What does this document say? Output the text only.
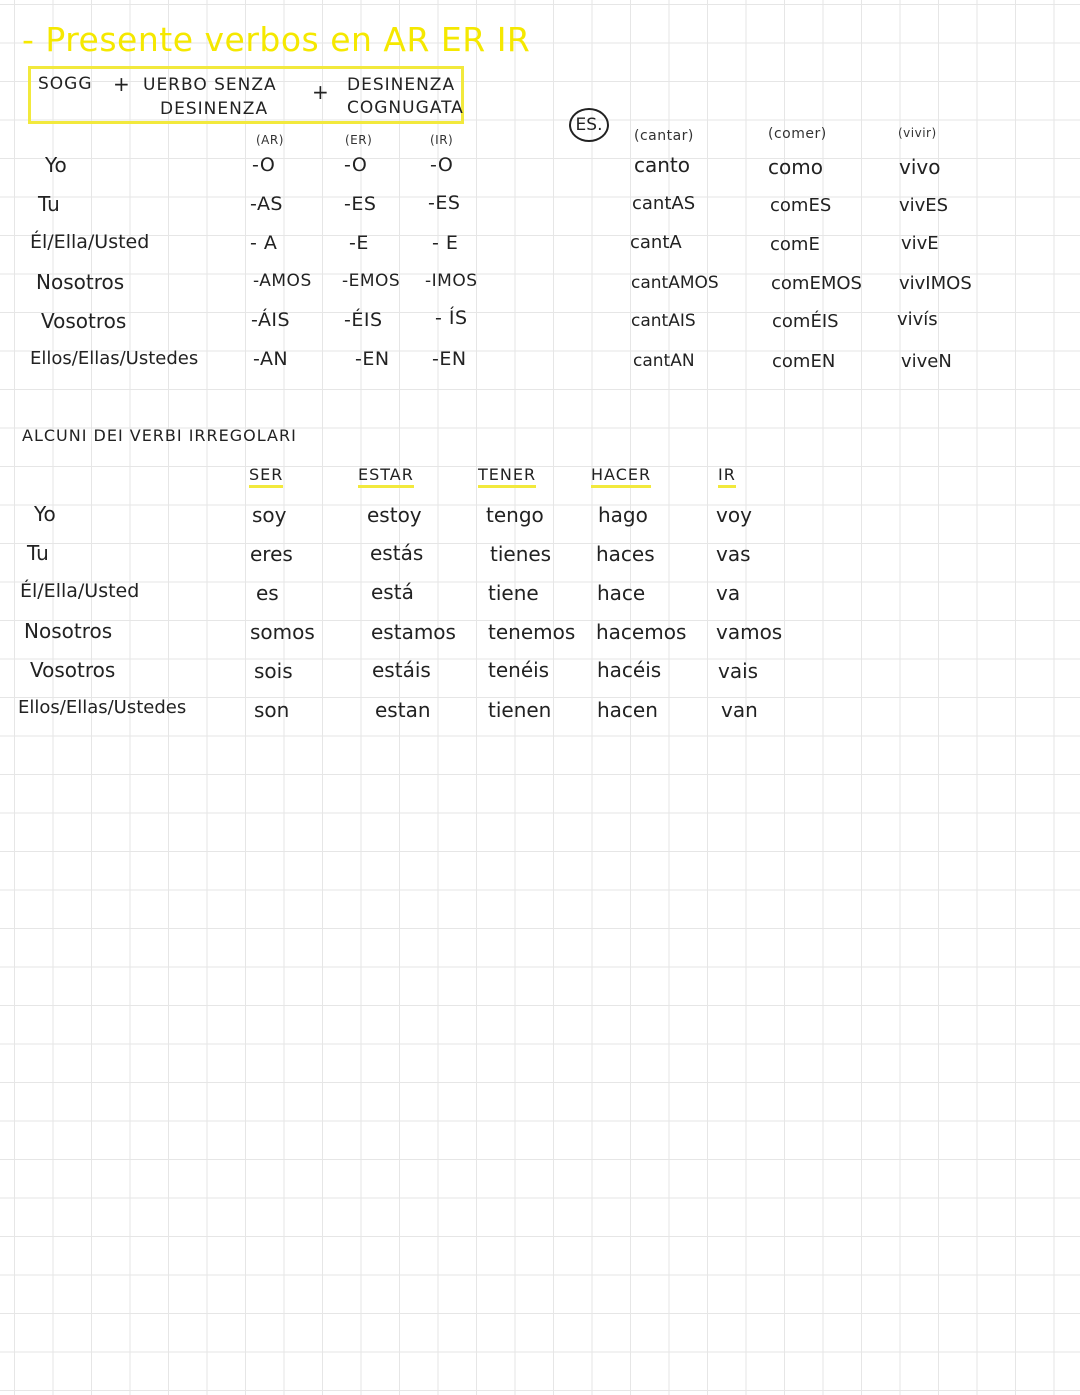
- Presente verbos en AR ER IR
SOGG + UERBO SENZA
DESINENZA
+ DESINENZA
COGNUGATA
(AR)	(ER)	(IR)
Yo	-O	-O	-O
Tu	-AS	-ES	-ES
Él/Ella/Usted	- A	-E	- E
Nosotros	-AMOS -EMOS -IMOS
Vosotros	-ÁIS	-ÉIS	- ÍS
Ellos/Ellas/Ustedes	-AN	-EN -EN
ES.
(cantar)	(comer)	(vivir)
canto	como	vivo
cantAS	comES	vivES
cantA	comE	vivE
cantAMOS	comEMOS vivIMOS
cantAIS	comÉIS	vivís
cantAN	comEN	viveN
ALCUNI DEI VERBI IRREGOLARI
SER	ESTAR	TENER	HACER	IR
Yo	soy	estoy	tengo	hago	voy
Tu	eres	estás	tienes haces	vas
Él/Ella/Usted	es	está	tiene	hace	va
Nosotros	somos	estamos tenemos hacemos vamos
Vosotros	sois	estáis	tenéis hacéis	vais
Ellos/Ellas/Ustedes	son	estan	tienen hacen	van
